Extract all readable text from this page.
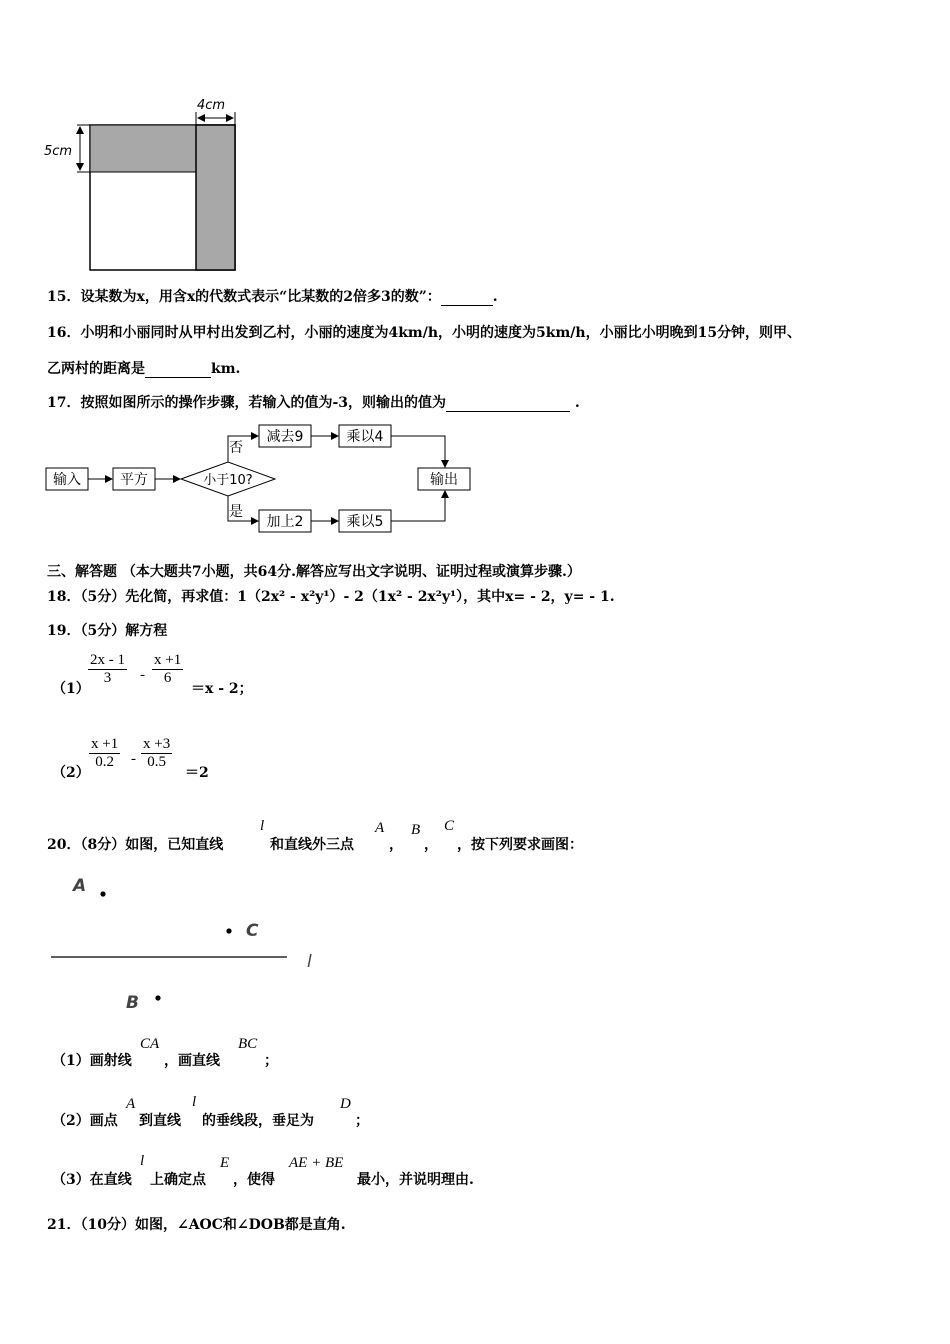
4cm
5cm
15．设某数为x，用含x的代数式表示“比某数的2倍多3的数”：	.
16．小明和小丽同时从甲村出发到乙村，小丽的速度为4km/h，小明的速度为5km/h，小丽比小明晚到15分钟，则甲、
乙两村的距离是	km.
17．按照如图所示的操作步骤，若输入的值为-3，则输出的值为	.
输入	平方	小于10?
否
是
减去9	乘以4
加上2	乘以5
输出
三、解答题 （本大题共7小题，共64分.解答应写出文字说明、证明过程或演算步骤.）
18．（5分）先化简，再求值：1（2x² - x²y¹）- 2（1x² - 2x²y¹），其中x= - 2，y= - 1.
19．（5分）解方程
（1）
$\frac{2x - 1}{3} - \frac{x +1}{6}$
＝x - 2；
（2）
$\frac{x +1}{0.2} - \frac{x +3}{0.5}$
＝2
20．（8分）如图，已知直线
l
和直线外三点
A
，
B
，
C
，按下列要求画图：
A
C
l
B
（1）画射线
CA
，画直线
BC
；
（2）画点
A
到直线
l
的垂线段，垂足为
D
；
（3）在直线
l
上确定点
E
，使得
AE + BE
最小，并说明理由.
21．（10分）如图，∠AOC和∠DOB都是直角.
